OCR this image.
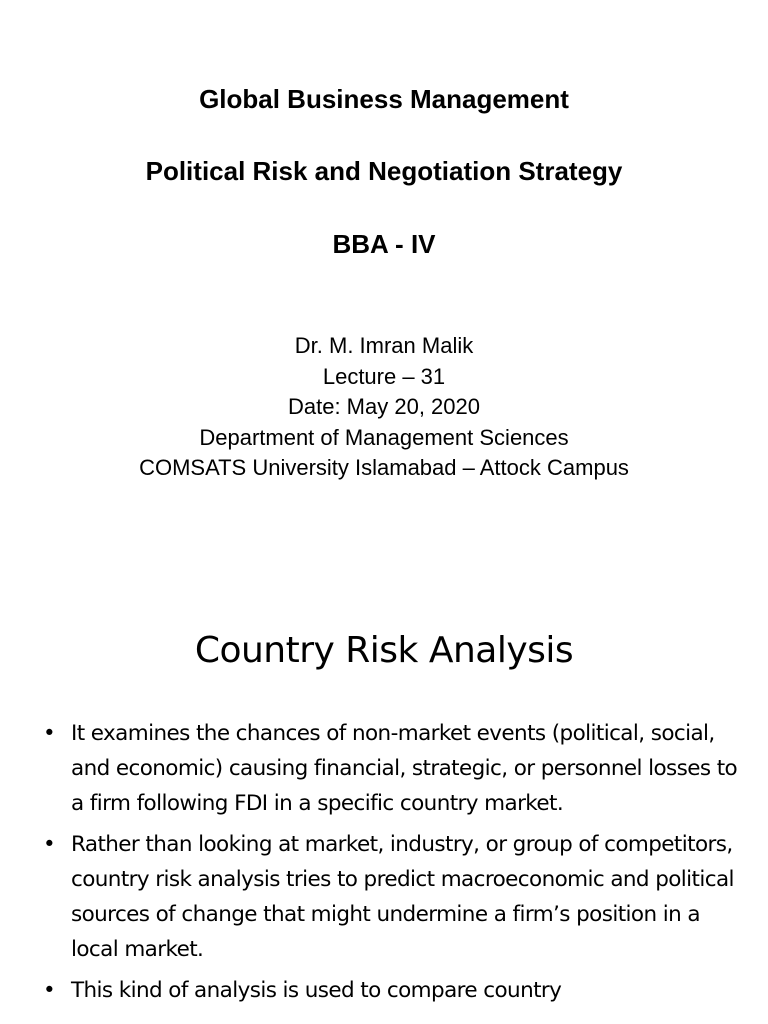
Global Business Management
Political Risk and Negotiation Strategy
BBA - IV
Dr. M. Imran Malik
Lecture – 31
Date: May 20, 2020
Department of Management Sciences
COMSATS University Islamabad – Attock Campus
Country Risk Analysis
• It examines the chances of non-market events (political, social, and economic) causing financial, strategic, or personnel losses to a firm following FDI in a specific country market.
• Rather than looking at market, industry, or group of competitors, country risk analysis tries to predict macroeconomic and political sources of change that might undermine a firm’s position in a local market.
• This kind of analysis is used to compare country
